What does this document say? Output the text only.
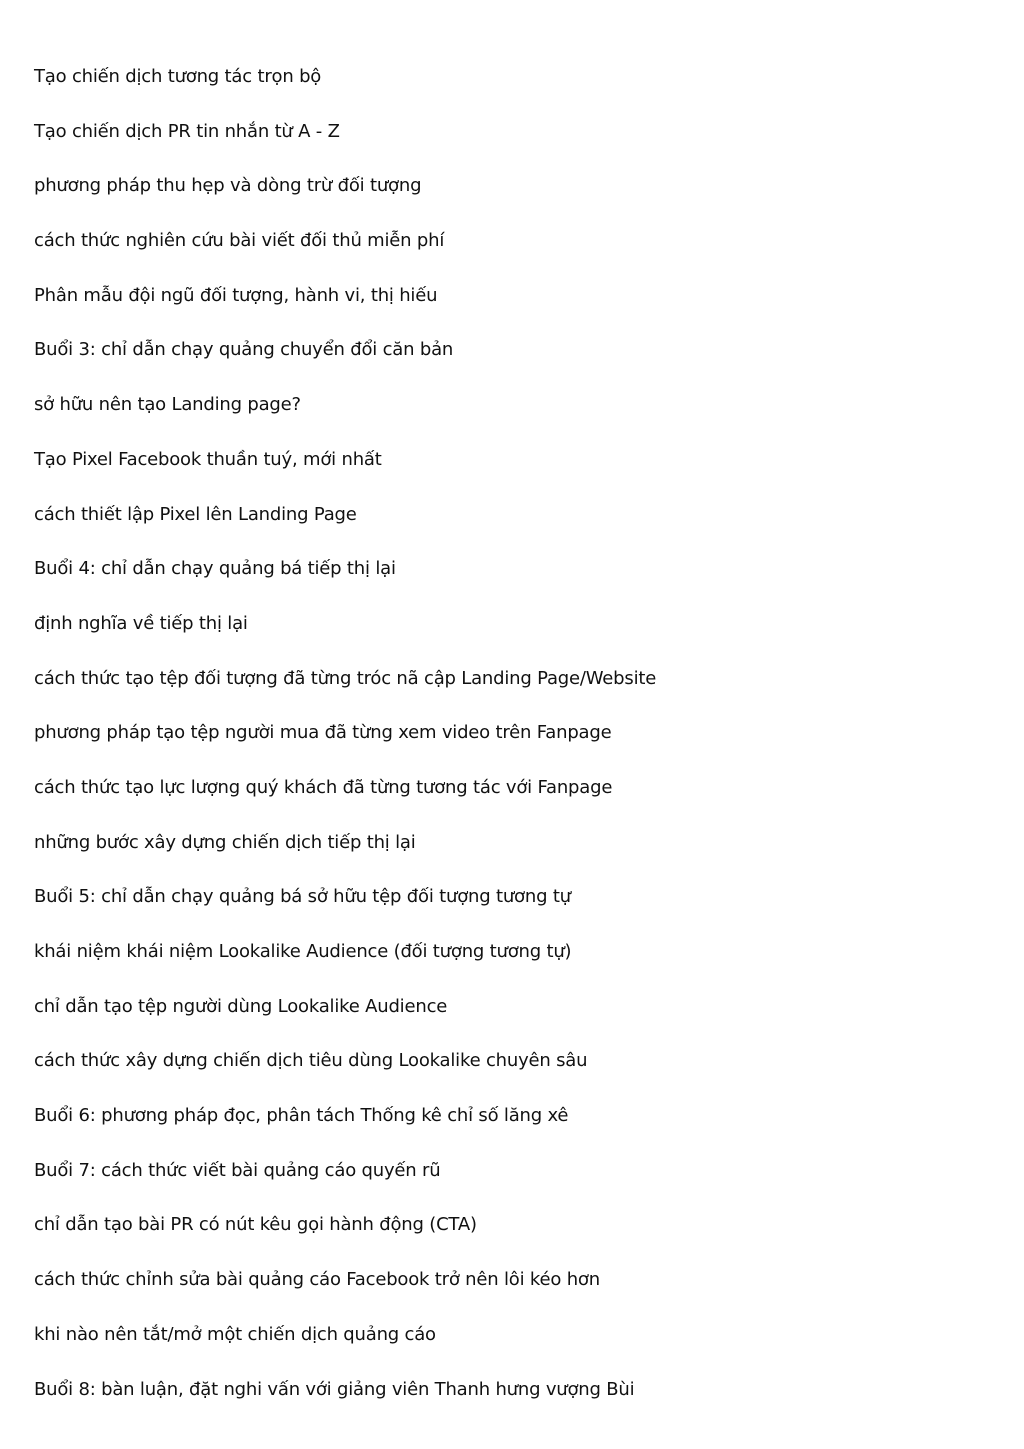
Tạo chiến dịch tương tác trọn bộ
Tạo chiến dịch PR tin nhắn từ A - Z
phương pháp thu hẹp và dòng trừ đối tượng
cách thức nghiên cứu bài viết đối thủ miễn phí
Phân mẫu đội ngũ đối tượng, hành vi, thị hiếu
Buổi 3: chỉ dẫn chạy quảng chuyển đổi căn bản
sở hữu nên tạo Landing page?
Tạo Pixel Facebook thuần tuý, mới nhất
cách thiết lập Pixel lên Landing Page
Buổi 4: chỉ dẫn chạy quảng bá tiếp thị lại
định nghĩa về tiếp thị lại
cách thức tạo tệp đối tượng đã từng tróc nã cập Landing Page/Website
phương pháp tạo tệp người mua đã từng xem video trên Fanpage
cách thức tạo lực lượng quý khách đã từng tương tác với Fanpage
những bước xây dựng chiến dịch tiếp thị lại
Buổi 5: chỉ dẫn chạy quảng bá sở hữu tệp đối tượng tương tự
khái niệm khái niệm Lookalike Audience (đối tượng tương tự)
chỉ dẫn tạo tệp người dùng Lookalike Audience
cách thức xây dựng chiến dịch tiêu dùng Lookalike chuyên sâu
Buổi 6: phương pháp đọc, phân tách Thống kê chỉ số lăng xê
Buổi 7: cách thức viết bài quảng cáo quyến rũ
chỉ dẫn tạo bài PR có nút kêu gọi hành động (CTA)
cách thức chỉnh sửa bài quảng cáo Facebook trở nên lôi kéo hơn
khi nào nên tắt/mở một chiến dịch quảng cáo
Buổi 8: bàn luận, đặt nghi vấn với giảng viên Thanh hưng vượng Bùi
